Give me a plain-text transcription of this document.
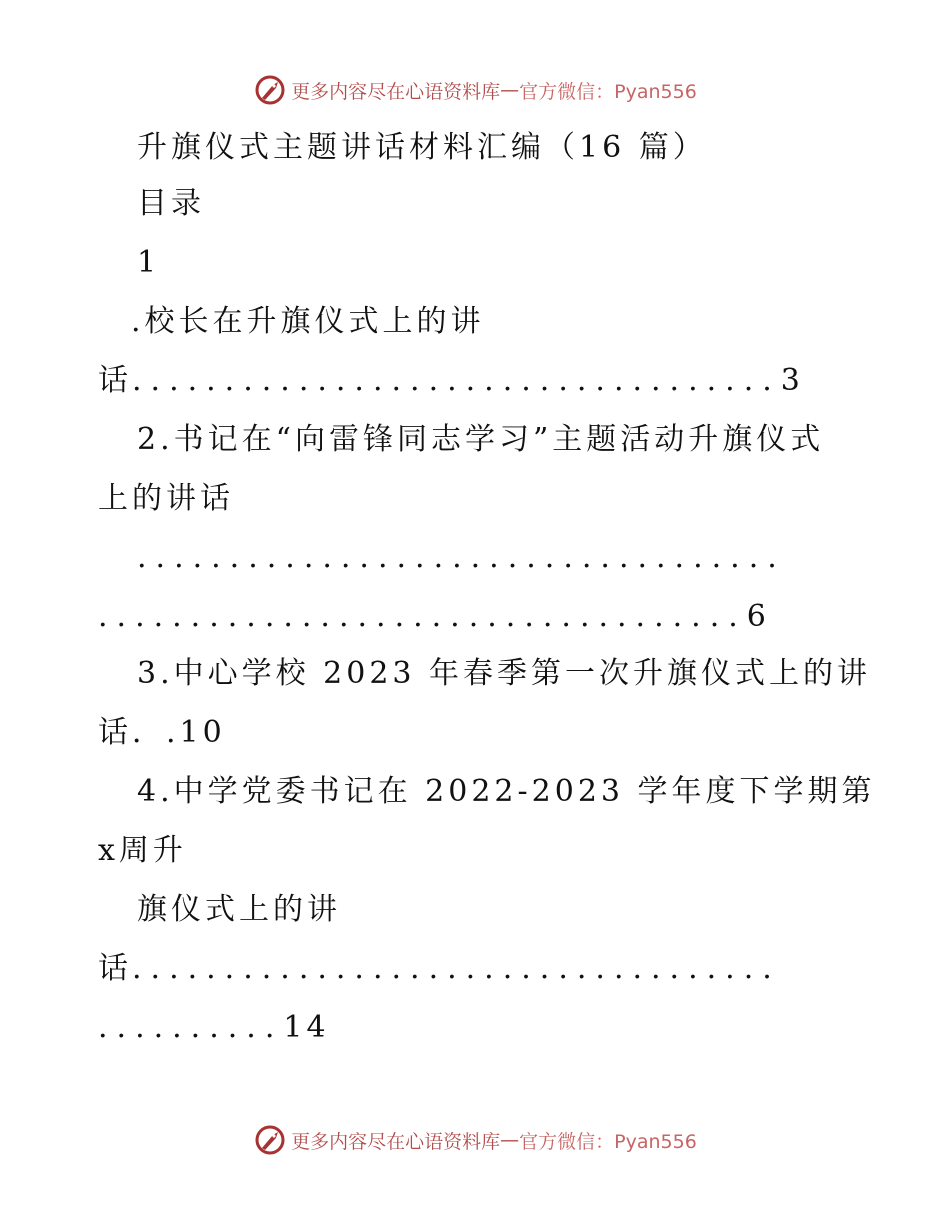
更多内容尽在心语资料库 — 官方微信：Pyan556
升旗仪式主题讲话材料汇编（16 篇）
目录
1
.校长在升旗仪式上的讲
话...................................3
2.书记在“向雷锋同志学习”主题活动升旗仪式
上的讲话
...................................
...................................6
3.中心学校 2023 年春季第一次升旗仪式上的讲
话．.10
4.中学党委书记在 2022-2023 学年度下学期第
x周升
旗仪式上的讲
话...................................
..........14
更多内容尽在心语资料库 — 官方微信：Pyan556
